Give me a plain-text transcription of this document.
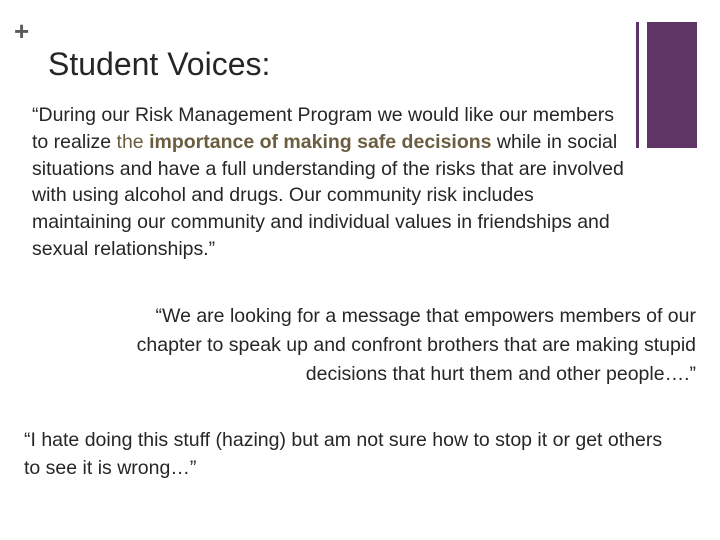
+
Student Voices:
“During our Risk Management Program we would like our members to realize the importance of making safe decisions while in social situations and have a full understanding of the risks that are involved with using alcohol and drugs. Our community risk includes maintaining our community and individual values in friendships and sexual relationships.”
“We are looking for a message that empowers members of our chapter to speak up and confront brothers that are making stupid decisions that hurt them and other people….”
“I hate doing this stuff (hazing) but am not sure how to stop it or get others to see it is wrong…”
